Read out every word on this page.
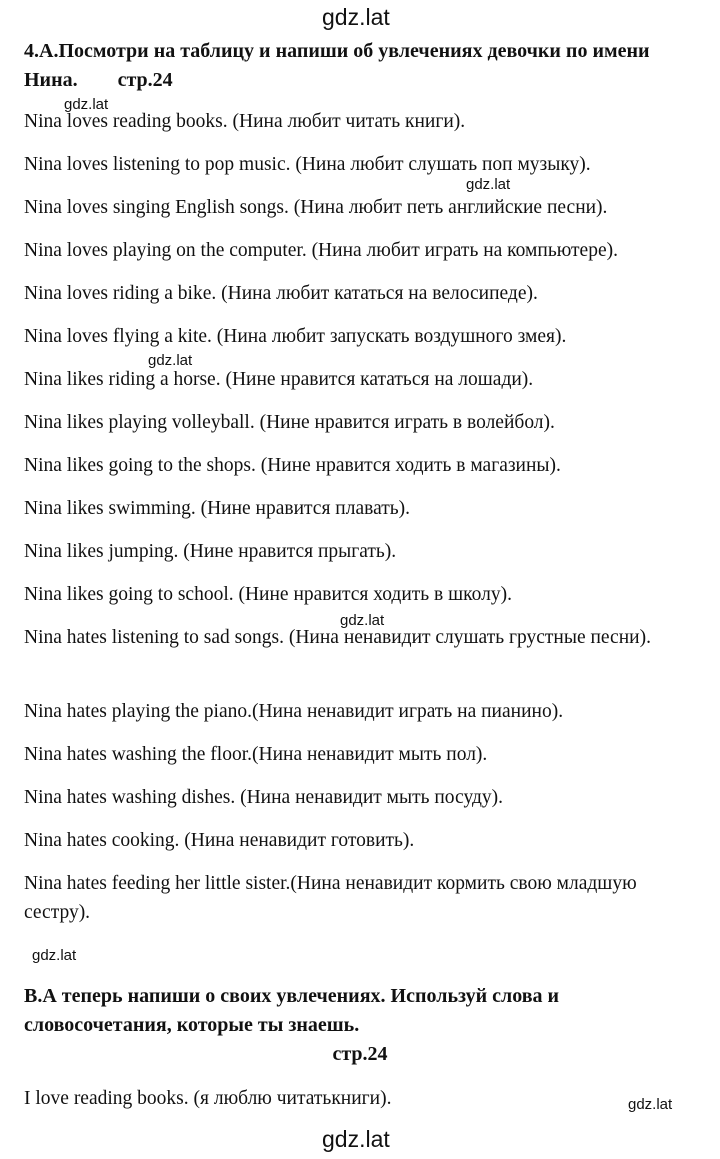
gdz.lat
gdz.lat
gdz.lat
gdz.lat
gdz.lat
gdz.lat
gdz.lat
gdz.lat
4.A.Посмотри на таблицу и напиши об увлечениях девочки по имени Нина. стр.24

Nina loves reading books. (Нина любит читать книги).

Nina loves listening to pop music. (Нина любит слушать поп музыку).

Nina loves singing English songs. (Нина любит петь английские песни).

Nina loves playing on the computer. (Нина любит играть на компьютере).

Nina loves riding a bike. (Нина любит кататься на велосипеде).

Nina loves flying a kite. (Нина любит запускать воздушного змея).

Nina likes riding a horse. (Нине нравится кататься на лошади).

Nina likes playing volleyball. (Нине нравится играть в волейбол).

Nina likes going to the shops. (Нине нравится ходить в магазины).

Nina likes swimming. (Нине нравится плавать).

Nina likes jumping. (Нине нравится прыгать).

Nina likes going to school. (Нине нравится ходить в школу).

Nina hates listening to sad songs. (Нина ненавидит слушать грустные песни).

Nina hates playing the piano.(Нина ненавидит играть на пианино).

Nina hates washing the floor.(Нина ненавидит мыть пол).

Nina hates washing dishes. (Нина ненавидит мыть посуду).

Nina hates cooking. (Нина ненавидит готовить).

Nina hates feeding her little sister.(Нина ненавидит кормить свою младшую сестру).

B.А теперь напиши о своих увлечениях. Используй слова и словосочетания, которые ты знаешь.
стр.24

I love reading books. (я люблю читатькниги).
